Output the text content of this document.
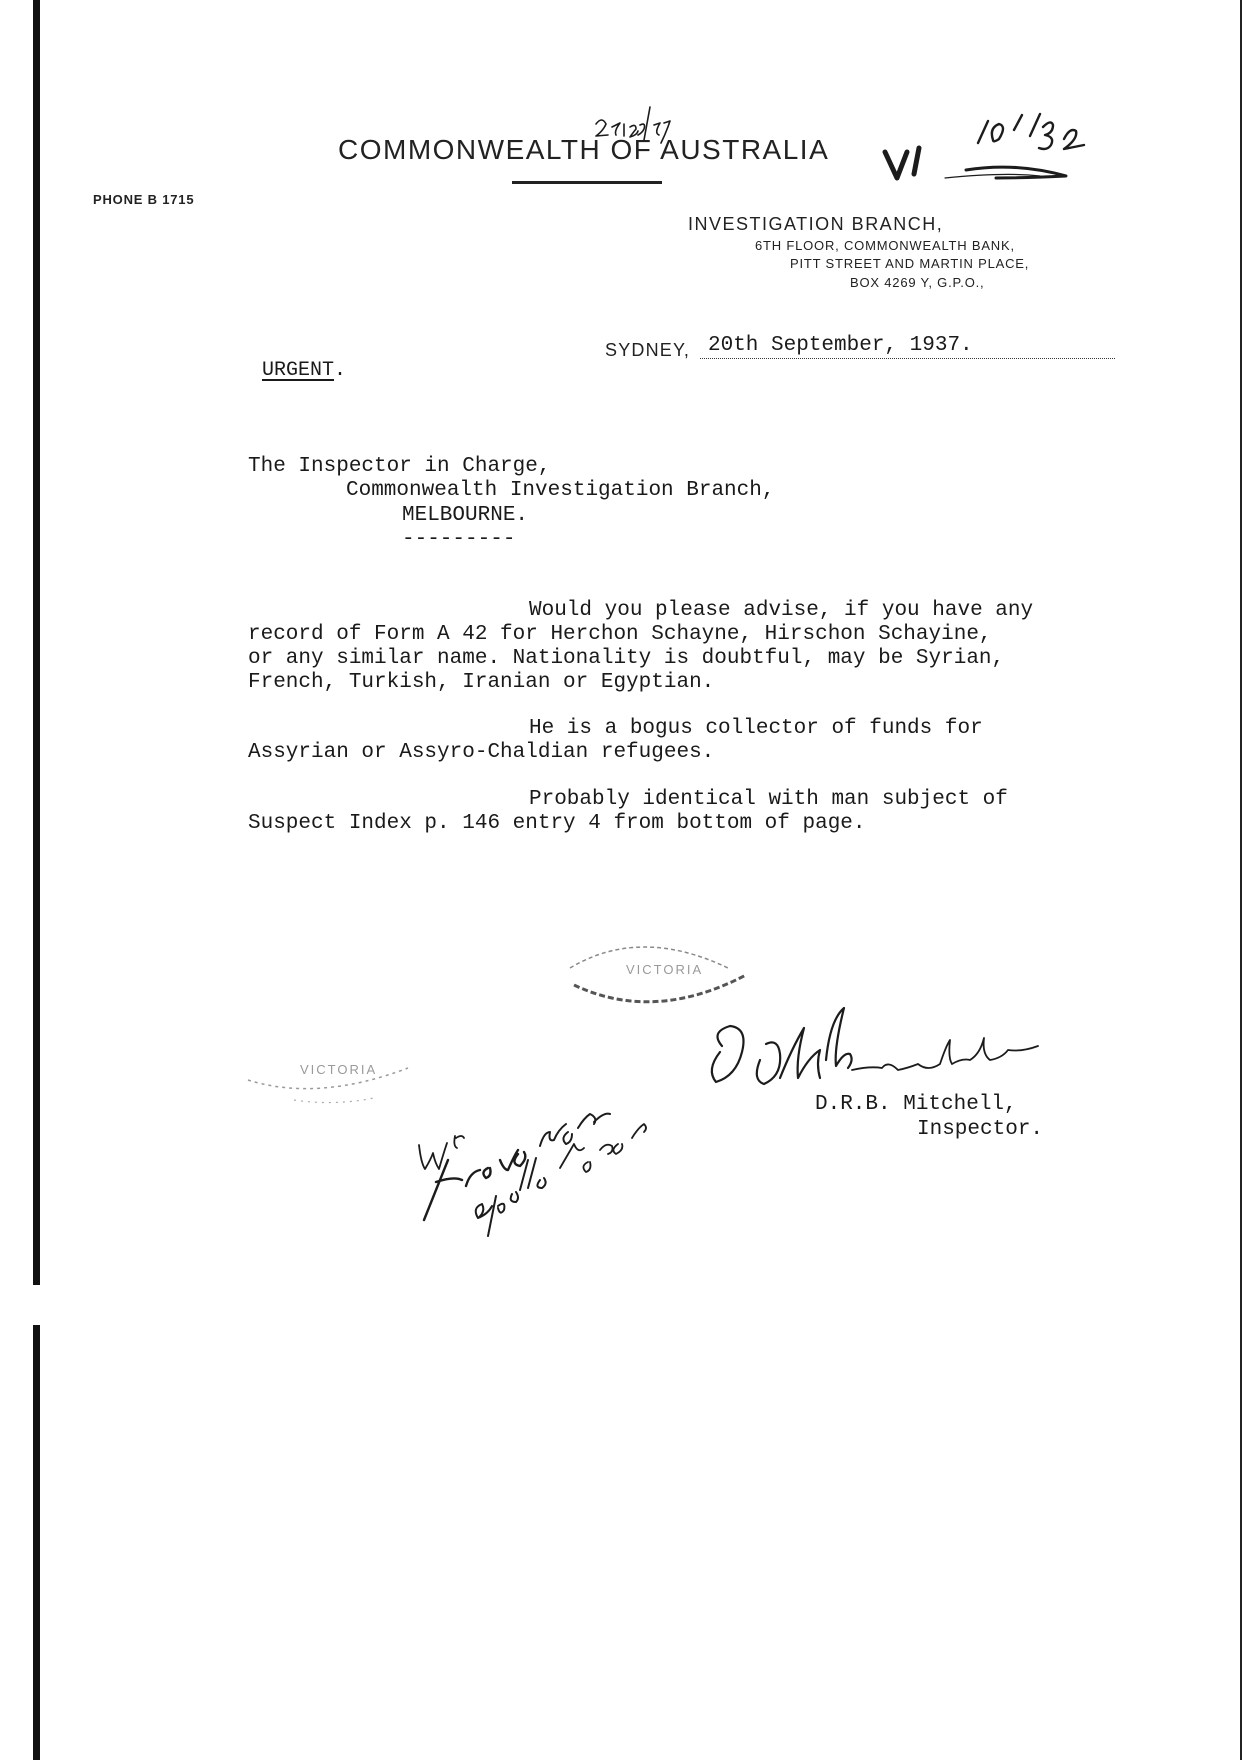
COMMONWEALTH OF AUSTRALIA
PHONE B 1715
INVESTIGATION BRANCH,
6TH FLOOR, COMMONWEALTH BANK,
PITT STREET AND MARTIN PLACE,
BOX 4269 Y, G.P.O.,
SYDNEY, 20th September, 1937.
URGENT.
The Inspector in Charge,
Commonwealth Investigation Branch,
MELBOURNE.
---------
Would you please advise, if you have any
record of Form A 42 for Herchon Schayne, Hirschon Schayine,
or any similar name. Nationality is doubtful, may be Syrian,
French, Turkish, Iranian or Egyptian.
He is a bogus collector of funds for
Assyrian or Assyro-Chaldian refugees.
Probably identical with man subject of
Suspect Index p. 146 entry 4 from bottom of page.
VICTORIA
VICTORIA
D.R.B. Mitchell,
Inspector.
